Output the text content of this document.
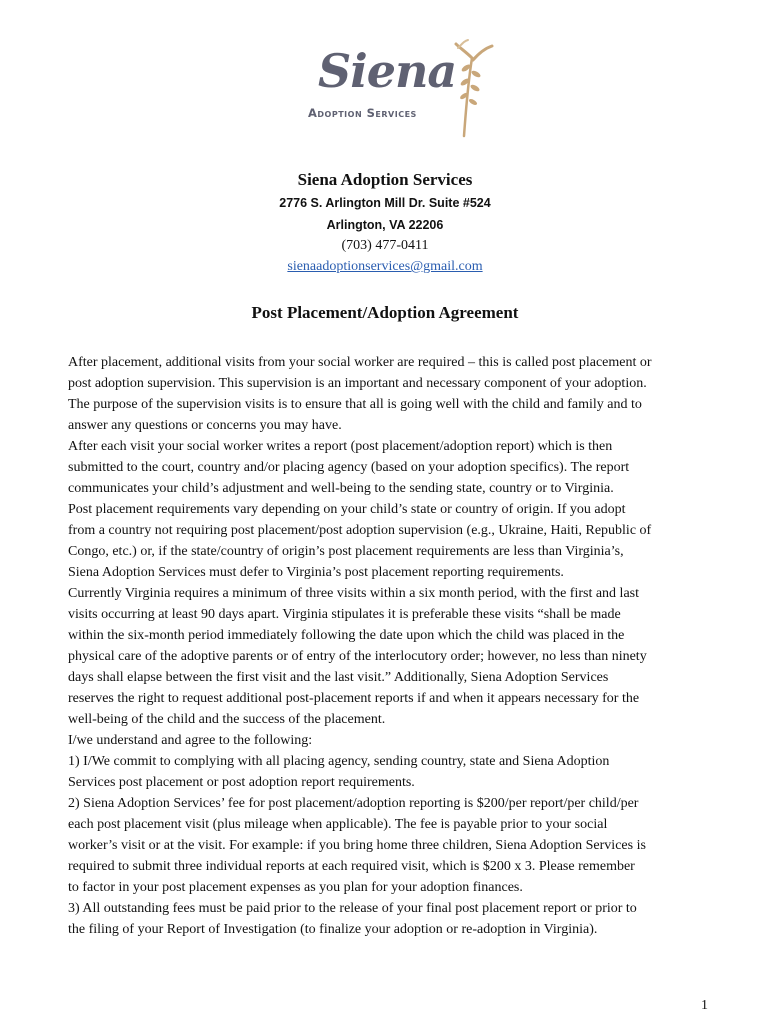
Siena
Adoption Services
Siena Adoption Services
2776 S. Arlington Mill Dr. Suite #524
Arlington, VA 22206
(703) 477-0411
sienaadoptionservices@gmail.com
Post Placement/Adoption Agreement
After placement, additional visits from your social worker are required – this is called post placement or
post adoption supervision. This supervision is an important and necessary component of your adoption.
The purpose of the supervision visits is to ensure that all is going well with the child and family and to
answer any questions or concerns you may have.
After each visit your social worker writes a report (post placement/adoption report) which is then
submitted to the court, country and/or placing agency (based on your adoption specifics). The report
communicates your child’s adjustment and well-being to the sending state, country or to Virginia.
Post placement requirements vary depending on your child’s state or country of origin. If you adopt
from a country not requiring post placement/post adoption supervision (e.g., Ukraine, Haiti, Republic of
Congo, etc.) or, if the state/country of origin’s post placement requirements are less than Virginia’s,
Siena Adoption Services must defer to Virginia’s post placement reporting requirements.
Currently Virginia requires a minimum of three visits within a six month period, with the first and last
visits occurring at least 90 days apart. Virginia stipulates it is preferable these visits “shall be made
within the six-month period immediately following the date upon which the child was placed in the
physical care of the adoptive parents or of entry of the interlocutory order; however, no less than ninety
days shall elapse between the first visit and the last visit.” Additionally, Siena Adoption Services
reserves the right to request additional post-placement reports if and when it appears necessary for the
well-being of the child and the success of the placement.
I/we understand and agree to the following:
1) I/We commit to complying with all placing agency, sending country, state and Siena Adoption
Services post placement or post adoption report requirements.
2) Siena Adoption Services’ fee for post placement/adoption reporting is $200/per report/per child/per
each post placement visit (plus mileage when applicable). The fee is payable prior to your social
worker’s visit or at the visit. For example: if you bring home three children, Siena Adoption Services is
required to submit three individual reports at each required visit, which is $200 x 3. Please remember
to factor in your post placement expenses as you plan for your adoption finances.
3) All outstanding fees must be paid prior to the release of your final post placement report or prior to
the filing of your Report of Investigation (to finalize your adoption or re-adoption in Virginia).
1
